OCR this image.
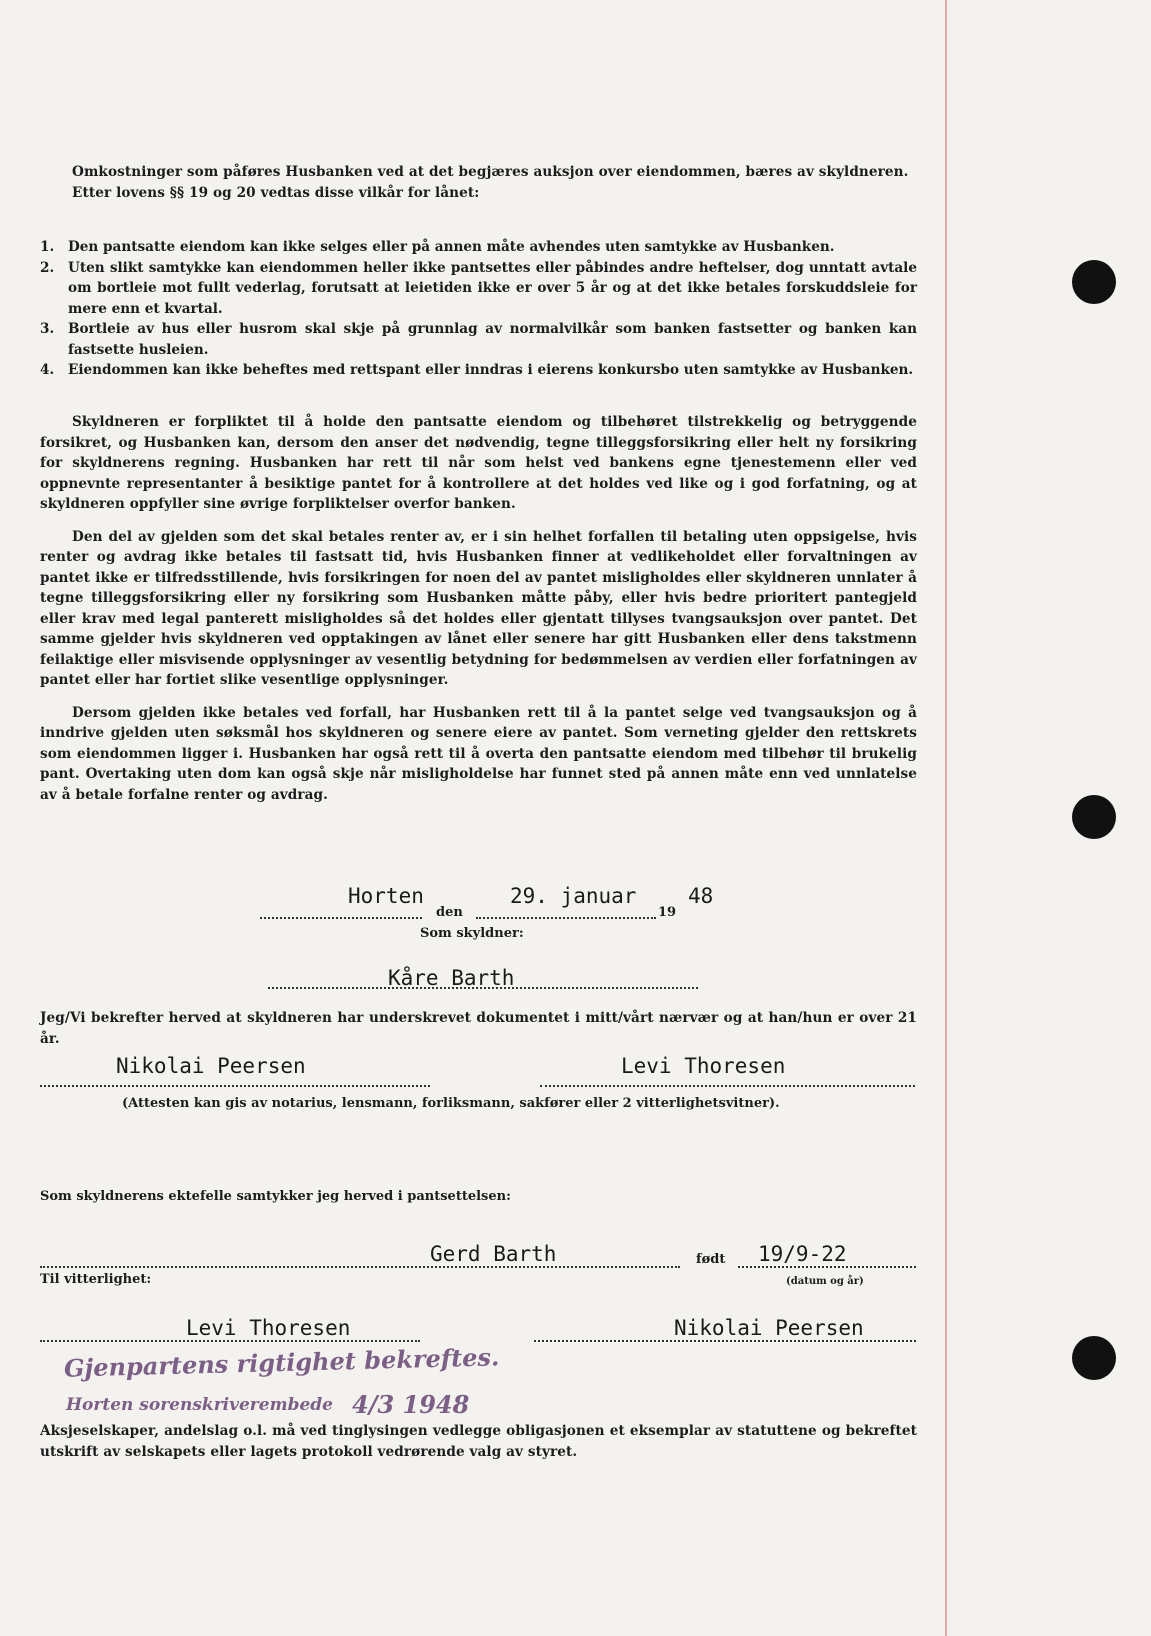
Omkostninger som påføres Husbanken ved at det begjæres auksjon over eiendommen, bæres av skyldneren.

Etter lovens §§ 19 og 20 vedtas disse vilkår for lånet:

1.	Den pantsatte eiendom kan ikke selges eller på annen måte avhendes uten samtykke av Husbanken.
2.	Uten slikt samtykke kan eiendommen heller ikke pantsettes eller påbindes andre heftelser, dog unntatt avtale om bortleie mot fullt vederlag, forutsatt at leietiden ikke er over 5 år og at det ikke betales forskuddsleie for mere enn et kvartal.
3.	Bortleie av hus eller husrom skal skje på grunnlag av normalvilkår som banken fastsetter og banken kan fastsette husleien.
4.	Eiendommen kan ikke beheftes med rettspant eller inndras i eierens konkursbo uten samtykke av Husbanken.

Skyldneren er forpliktet til å holde den pantsatte eiendom og tilbehøret tilstrekkelig og betryggende forsikret, og Husbanken kan, dersom den anser det nødvendig, tegne tilleggsforsikring eller helt ny forsikring for skyldnerens regning. Husbanken har rett til når som helst ved bankens egne tjenestemenn eller ved oppnevnte representanter å besiktige pantet for å kontrollere at det holdes ved like og i god forfatning, og at skyldneren oppfyller sine øvrige forpliktelser overfor banken.

Den del av gjelden som det skal betales renter av, er i sin helhet forfallen til betaling uten oppsigelse, hvis renter og avdrag ikke betales til fastsatt tid, hvis Husbanken finner at vedlikeholdet eller forvaltningen av pantet ikke er tilfredsstillende, hvis forsikringen for noen del av pantet misligholdes eller skyldneren unnlater å tegne tilleggsforsikring eller ny forsikring som Husbanken måtte påby, eller hvis bedre prioritert pantegjeld eller krav med legal panterett misligholdes så det holdes eller gjentatt tillyses tvangsauksjon over pantet. Det samme gjelder hvis skyldneren ved opptakingen av lånet eller senere har gitt Husbanken eller dens takstmenn feilaktige eller misvisende opplysninger av vesentlig betydning for bedømmelsen av verdien eller forfatningen av pantet eller har fortiet slike vesentlige opplysninger.

Dersom gjelden ikke betales ved forfall, har Husbanken rett til å la pantet selge ved tvangsauksjon og å inndrive gjelden uten søksmål hos skyldneren og senere eiere av pantet. Som verneting gjelder den rettskrets som eiendommen ligger i. Husbanken har også rett til å overta den pantsatte eiendom med tilbehør til brukelig pant. Overtaking uten dom kan også skje når misligholdelse har funnet sted på annen måte enn ved unnlatelse av å betale forfalne renter og avdrag.

Horten
den
29. januar
19
48
Som skyldner:
Kåre Barth

Jeg/Vi bekrefter herved at skyldneren har underskrevet dokumentet i mitt/vårt nærvær og at han/hun er over 21 år.

Nikolai Peersen	Levi Thoresen
(Attesten kan gis av notarius, lensmann, forliksmann, sakfører eller 2 vitterlighetsvitner).
Som skyldnerens ektefelle samtykker jeg herved i pantsettelsen:
Gerd Barth	født 19/9-22
(datum og år)
Til vitterlighet:
Levi Thoresen	Nikolai Peersen
Gjenpartens rigtighet bekreftes.
Horten sorenskriverembede 4/3 1948

Aksjeselskaper, andelslag o.l. må ved tinglysingen vedlegge obligasjonen et eksemplar av statuttene og bekreftet utskrift av selskapets eller lagets protokoll vedrørende valg av styret.
